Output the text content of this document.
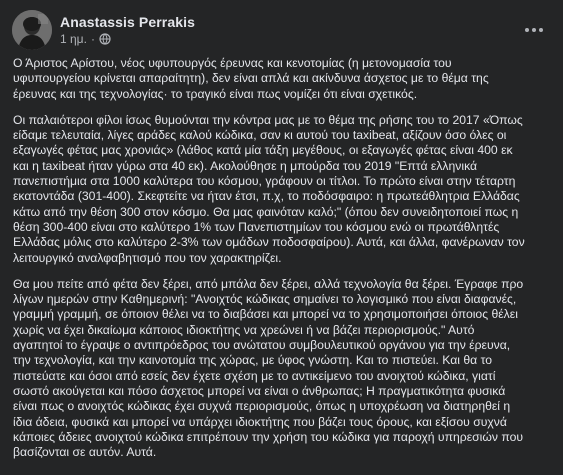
Anastassis Perrakis
1 ημ. ·

Ο Άριστος Αρίστου, νέος υφυπουργός έρευνας και κενοτομίας (η μετονομασία του
υφυπουργείου κρίνεται απαραίτητη), δεν είναι απλά και ακίνδυνα άσχετος με το θέμα της
έρευνας και της τεχνολογίας· το τραγικό είναι πως νομίζει ότι είναι σχετικός.

Οι παλαιότεροι φίλοι ίσως θυμούνται την κόντρα μας με το θέμα της ρήσης του το 2017 «Όπως
είδαμε τελευταία, λίγες αράδες καλού κώδικα, σαν κι αυτού του taxibeat, αξίζουν όσο όλες οι
εξαγωγές φέτας μας χρονιάς» (λάθος κατά μία τάξη μεγέθους, οι εξαγωγές φέτας είναι 400 εκ
και η taxibeat ήταν γύρω στα 40 εκ). Ακολούθησε η μπούρδα του 2019 "Επτά ελληνικά
πανεπιστήμια στα 1000 καλύτερα του κόσμου, γράφουν οι τίτλοι. Το πρώτο είναι στην τέταρτη
εκατοντάδα (301-400). Σκεφτείτε να ήταν έτσι, π.χ, το ποδόσφαιρο: η πρωτεάθλητρια Ελλάδας
κάτω από την θέση 300 στον κόσμο. Θα μας φαινόταν καλό;" (όπου δεν συνειδητοποιεί πως η
θέση 300-400 είναι στο καλύτερο 1% των Πανεπιστημίων του κόσμου ενώ οι πρωτάθλητές
Ελλάδας μόλις στο καλύτερο 2-3% των ομάδων ποδοσφαίρου). Αυτά, και άλλα, φανέρωναν τον
λειτουργικό αναλφαβητισμό που τον χαρακτηρίζει.

Θα μου πείτε από φέτα δεν ξέρει, από μπάλα δεν ξέρει, αλλά τεχνολογία θα ξέρει. Έγραφε προ
λίγων ημερών στην Καθημερινή: "Ανοιχτός κώδικας σημαίνει το λογισμικό που είναι διαφανές,
γραμμή γραμμή, σε όποιον θέλει να το διαβάσει και μπορεί να το χρησιμοποιήσει όποιος θέλει
χωρίς να έχει δικαίωμα κάποιος ιδιοκτήτης να χρεώνει ή να βάζει περιορισμούς." Αυτό
αγαπητοί το έγραψε ο αντιπρόεδρος του ανώτατου συμβουλευτικού οργάνου για την έρευνα,
την τεχνολογία, και την καινοτομία της χώρας, με ύφος γνώστη. Και το πιστεύει. Και θα το
πιστεύατε και όσοι από εσείς δεν έχετε σχέση με το αντικείμενο του ανοιχτού κώδικα, γιατί
σωστό ακούγεται και πόσο άσχετος μπορεί να είναι ο άνθρωπας; Η πραγματικότητα φυσικά
είναι πως ο ανοιχτός κώδικας έχει συχνά περιορισμούς, όπως η υποχρέωση να διατηρηθεί η
ίδια άδεια, φυσικά και μπορεί να υπάρχει ιδιοκτήτης που βάζει τους όρους, και εξίσου συχνά
κάποιες άδειες ανοιχτού κώδικα επιτρέπουν την χρήση του κώδικα για παροχή υπηρεσιών που
βασίζονται σε αυτόν. Αυτά.
